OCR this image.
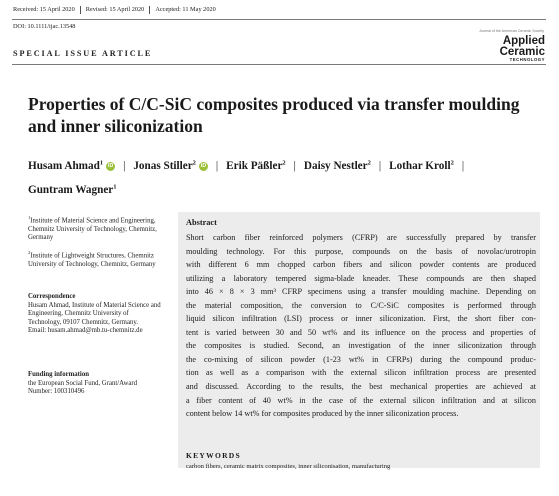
Received: 15 April 2020 Revised: 15 April 2020 Accepted: 11 May 2020
DOI: 10.1111/ijac.13548
SPECIAL ISSUE ARTICLE
Journal of the American Ceramic Society
Applied
Ceramic
TECHNOLOGY
Properties of C/C-SiC composites produced via transfer moulding and inner siliconization
Husam Ahmad$^1$ iD | Jonas Stiller$^2$ iD | Erik Päßler$^2$ | Daisy Nestler$^2$ | Lothar Kroll$^2$ |
Guntram Wagner$^1$
$^1$Institute of Material Science and Engineering, Chemnitz University of Technology, Chemnitz, Germany
$^2$Institute of Lightweight Structures, Chemnitz University of Technology, Chemnitz, Germany
Correspondence
Husam Ahmad, Institute of Material Science and Engineering, Chemnitz University of Technology, 09107 Chemnitz, Germany.
Email: husam.ahmad@mb.tu-chemnitz.de
Funding information
the European Social Fund, Grant/Award Number: 100310496
Abstract
Short carbon fiber reinforced polymers (CFRP) are successfully prepared by transfer
moulding technology. For this purpose, compounds on the basis of novolac/urotropin
with different 6 mm chopped carbon fibers and silicon powder contents are produced
utilizing a laboratory tempered sigma-blade kneader. These compounds are then shaped
into 46 × 8 × 3 mm³ CFRP specimens using a transfer moulding machine. Depending on
the material composition, the conversion to C/C-SiC composites is performed through
liquid silicon infiltration (LSI) process or inner siliconization. First, the short fiber con-
tent is varied between 30 and 50 wt% and its influence on the process and properties of
the composites is studied. Second, an investigation of the inner siliconization through
the co-mixing of silicon powder (1-23 wt% in CFRPs) during the compound produc-
tion as well as a comparison with the external silicon infiltration process are presented
and discussed. According to the results, the best mechanical properties are achieved at
a fiber content of 40 wt% in the case of the external silicon infiltration and at silicon
content below 14 wt% for composites produced by the inner siliconization process.
KEYWORDS
carbon fibers, ceramic matrix composites, inner siliconisation, manufacturing
